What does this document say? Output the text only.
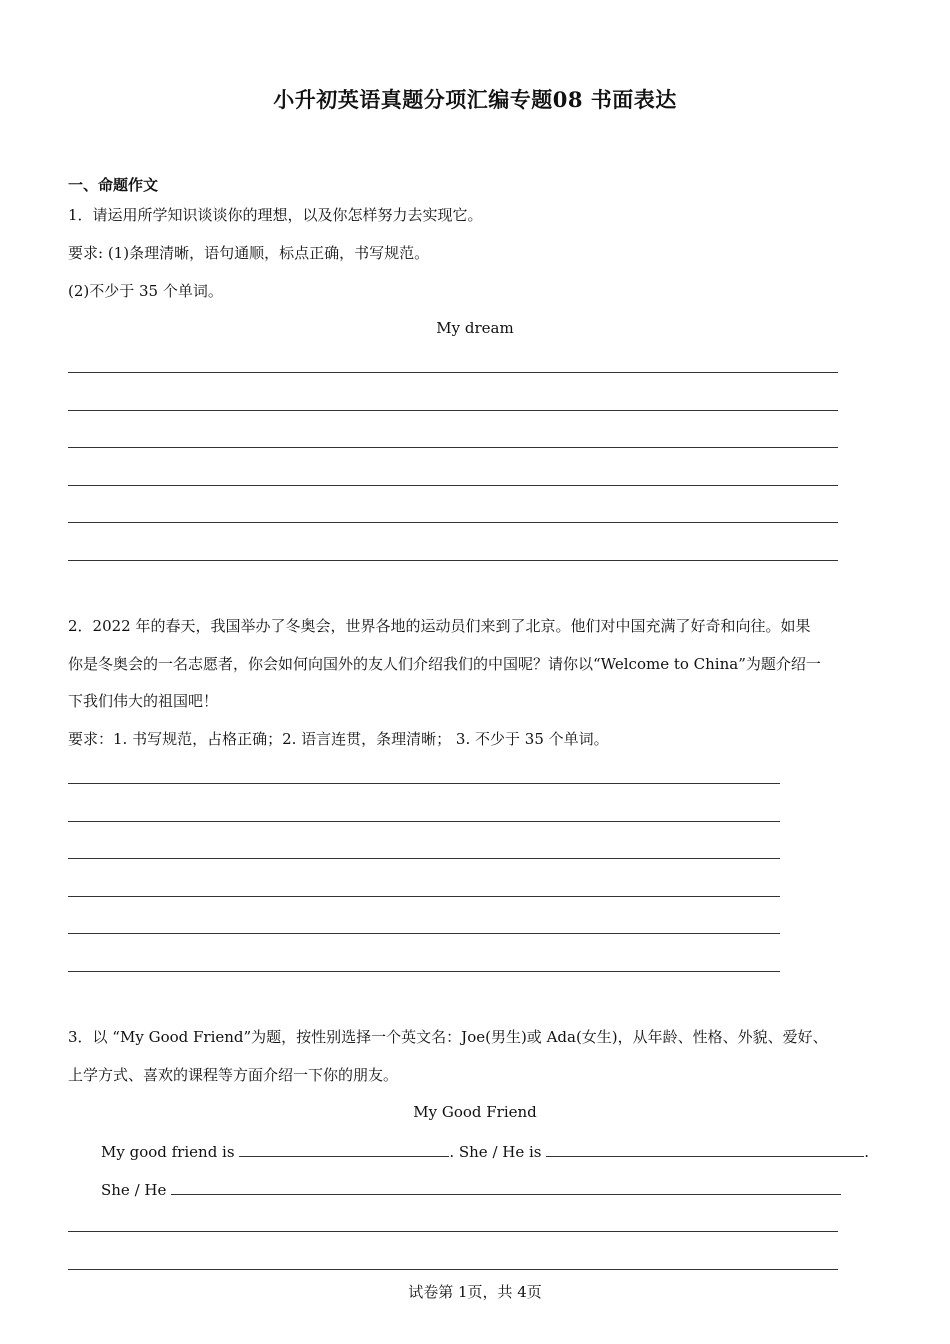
小升初英语真题分项汇编专题08 书面表达
一、命题作文
1．请运用所学知识谈谈你的理想，以及你怎样努力去实现它。
要求: (1)条理清晰，语句通顺，标点正确，书写规范。
(2)不少于 35 个单词。
My dream
2．2022 年的春天，我国举办了冬奥会，世界各地的运动员们来到了北京。他们对中国充满了好奇和向往。如果
你是冬奥会的一名志愿者，你会如何向国外的友人们介绍我们的中国呢？请你以“Welcome to China”为题介绍一
下我们伟大的祖国吧！
要求：1. 书写规范，占格正确；2. 语言连贯，条理清晰； 3. 不少于 35 个单词。
3．以 “My Good Friend”为题，按性别选择一个英文名：Joe(男生)或 Ada(女生)，从年龄、性格、外貌、爱好、
上学方式、喜欢的课程等方面介绍一下你的朋友。
My Good Friend
My good friend is	. She / He is	.
She / He
试卷第 1页，共 4页
